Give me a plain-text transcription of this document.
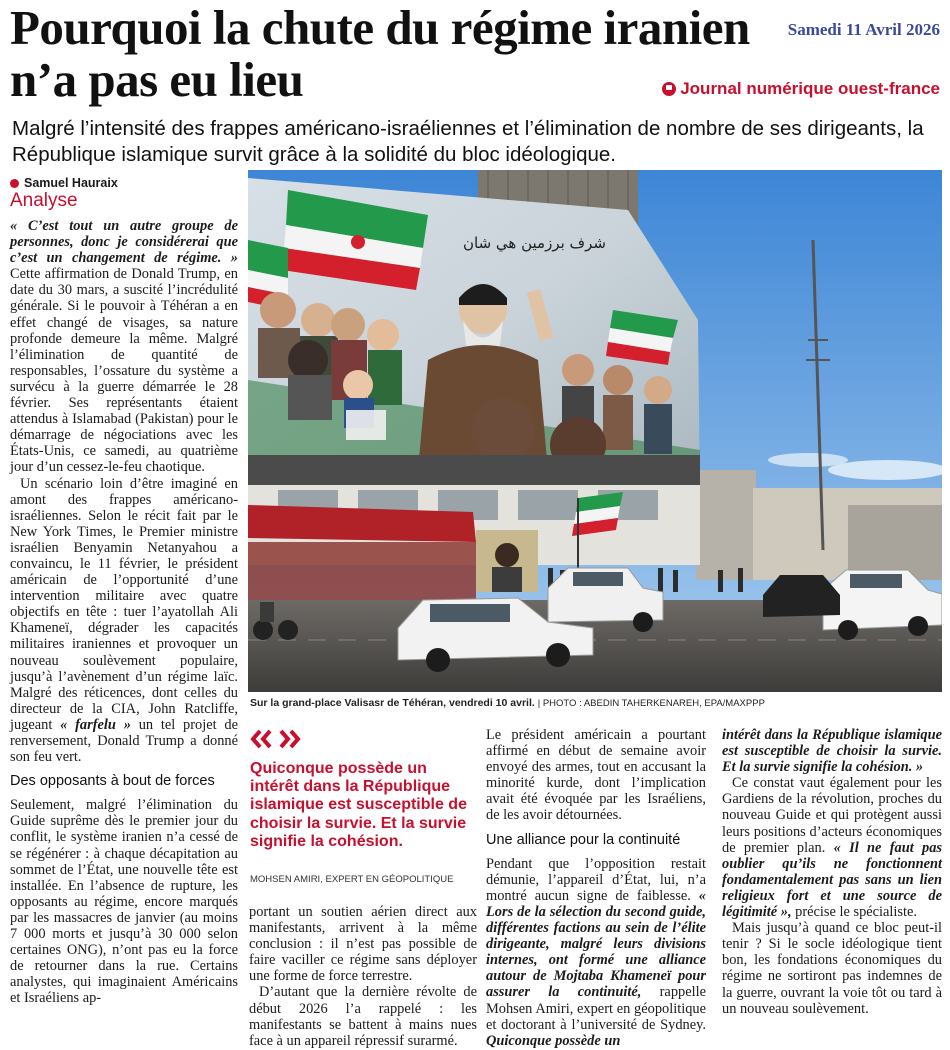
Pourquoi la chute du régime iranien n’a pas eu lieu
Samedi 11 Avril 2026
Journal numérique ouest-france

Malgré l’intensité des frappes américano-israéliennes et l’élimination de nombre de ses dirigeants, la République islamique survit grâce à la solidité du bloc idéologique.

Samuel Hauraix
Analyse

« C’est tout un autre groupe de personnes, donc je considérerai que c’est un changement de régime. » Cette affirmation de Donald Trump, en date du 30 mars, a suscité l’incrédulité générale. Si le pouvoir à Téhéran a en effet changé de visages, sa nature profonde demeure la même. Malgré l’élimination de quantité de responsables, l’ossature du système a survécu à la guerre démarrée le 28 février. Ses représentants étaient attendus à Islamabad (Pakistan) pour le démarrage de négociations avec les États-Unis, ce samedi, au quatrième jour d’un cessez-le-feu chaotique.

Un scénario loin d’être imaginé en amont des frappes américano-israéliennes. Selon le récit fait par le New York Times, le Premier ministre israélien Benyamin Netanyahou a convaincu, le 11 février, le président américain de l’opportunité d’une intervention militaire avec quatre objectifs en tête : tuer l’ayatollah Ali Khameneï, dégrader les capacités militaires iraniennes et provoquer un nouveau soulèvement populaire, jusqu’à l’avènement d’un régime laïc. Malgré des réticences, dont celles du directeur de la CIA, John Ratcliffe, jugeant « farfelu » un tel projet de renversement, Donald Trump a donné son feu vert.

Des opposants à bout de forces

Seulement, malgré l’élimination du Guide suprême dès le premier jour du conflit, le système iranien n’a cessé de se régénérer : à chaque décapitation au sommet de l’État, une nouvelle tête est installée. En l’absence de rupture, les opposants au régime, encore marqués par les massacres de janvier (au moins 7 000 morts et jusqu’à 30 000 selon certaines ONG), n’ont pas eu la force de retourner dans la rue. Certains analystes, qui imaginaient Américains et Israéliens ap-

شرف برزمين هي شان
Sur la grand-place Valisasr de Téhéran, vendredi 10 avril. | PHOTO : ABEDIN TAHERKENAREH, EPA/MAXPPP

Quiconque possède un intérêt dans la République islamique est susceptible de choisir la survie. Et la survie signifie la cohésion.

MOHSEN AMIRI, EXPERT EN GÉOPOLITIQUE

portant un soutien aérien direct aux manifestants, arrivent à la même conclusion : il n’est pas possible de faire vaciller ce régime sans déployer une forme de force terrestre.

D’autant que la dernière révolte de début 2026 l’a rappelé : les manifestants se battent à mains nues face à un appareil répressif surarmé.

Le président américain a pourtant affirmé en début de semaine avoir envoyé des armes, tout en accusant la minorité kurde, dont l’implication avait été évoquée par les Israéliens, de les avoir détournées.

Une alliance pour la continuité

Pendant que l’opposition restait démunie, l’appareil d’État, lui, n’a montré aucun signe de faiblesse. « Lors de la sélection du second guide, différentes factions au sein de l’élite dirigeante, malgré leurs divisions internes, ont formé une alliance autour de Mojtaba Khameneï pour assurer la continuité, rappelle Mohsen Amiri, expert en géopolitique et doctorant à l’université de Sydney. Quiconque possède un

intérêt dans la République islamique est susceptible de choisir la survie. Et la survie signifie la cohésion. »

Ce constat vaut également pour les Gardiens de la révolution, proches du nouveau Guide et qui protègent aussi leurs positions d’acteurs économiques de premier plan. « Il ne faut pas oublier qu’ils ne fonctionnent fondamentalement pas sans un lien religieux fort et une source de légitimité », précise le spécialiste.

Mais jusqu’à quand ce bloc peut-il tenir ? Si le socle idéologique tient bon, les fondations économiques du régime ne sortiront pas indemnes de la guerre, ouvrant la voie tôt ou tard à un nouveau soulèvement.
